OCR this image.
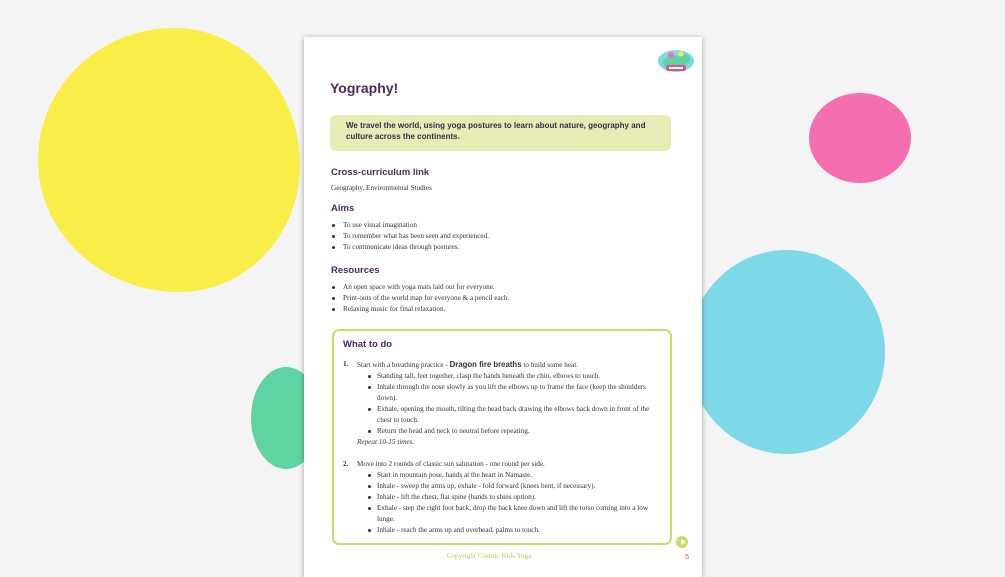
Yography!
We travel the world, using yoga postures to learn about nature, geography and culture across the continents.
Cross-curriculum link

Geography, Environmental Studies

Aims
To use visual imagination
To remember what has been seen and experienced.
To communicate ideas through postures.
Resources
An open space with yoga mats laid out for everyone.
Print-outs of the world map for everyone & a pencil each.
Relaxing music for final relaxation.
What to do
1.	Start with a breathing practice - Dragon fire breaths to build some heat.
Standing tall, feet together, clasp the hands beneath the chin, elbows to touch.
Inhale through the nose slowly as you lift the elbows up to frame the face (keep the shoulders down).
Exhale, opening the mouth, tilting the head back drawing the elbows back down in front of the chest to touch.
Return the head and neck to neutral before repeating.
Repeat 10-15 times.
2.	Move into 2 rounds of classic sun salutation - one round per side.
Start in mountain pose, hands at the heart in Namaste.
Inhale - sweep the arms up, exhale - fold forward (knees bent, if necessary).
Inhale - lift the chest, flat spine (hands to shins option).
Exhale - step the right foot back, drop the back knee down and lift the torso coming into a low lunge.
Inhale - reach the arms up and overhead, palms to touch.
Copyright Cosmic Kids Yoga	5
